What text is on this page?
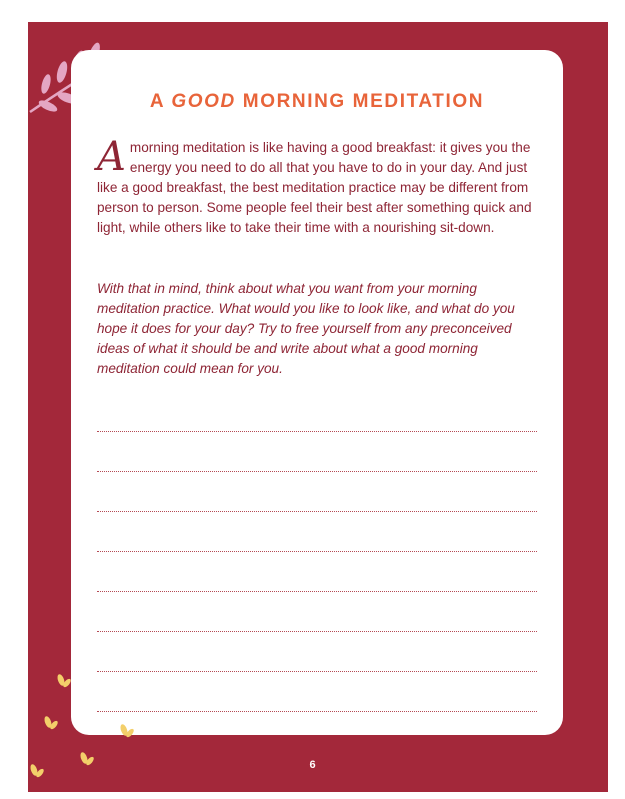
A GOOD MORNING MEDITATION
A morning meditation is like having a good breakfast: it gives you the energy you need to do all that you have to do in your day. And just like a good breakfast, the best meditation practice may be different from person to person. Some people feel their best after something quick and light, while others like to take their time with a nourishing sit-down.

With that in mind, think about what you want from your morning meditation practice. What would you like to look like, and what do you hope it does for your day? Try to free yourself from any preconceived ideas of what it should be and write about what a good morning meditation could mean for you.

6
